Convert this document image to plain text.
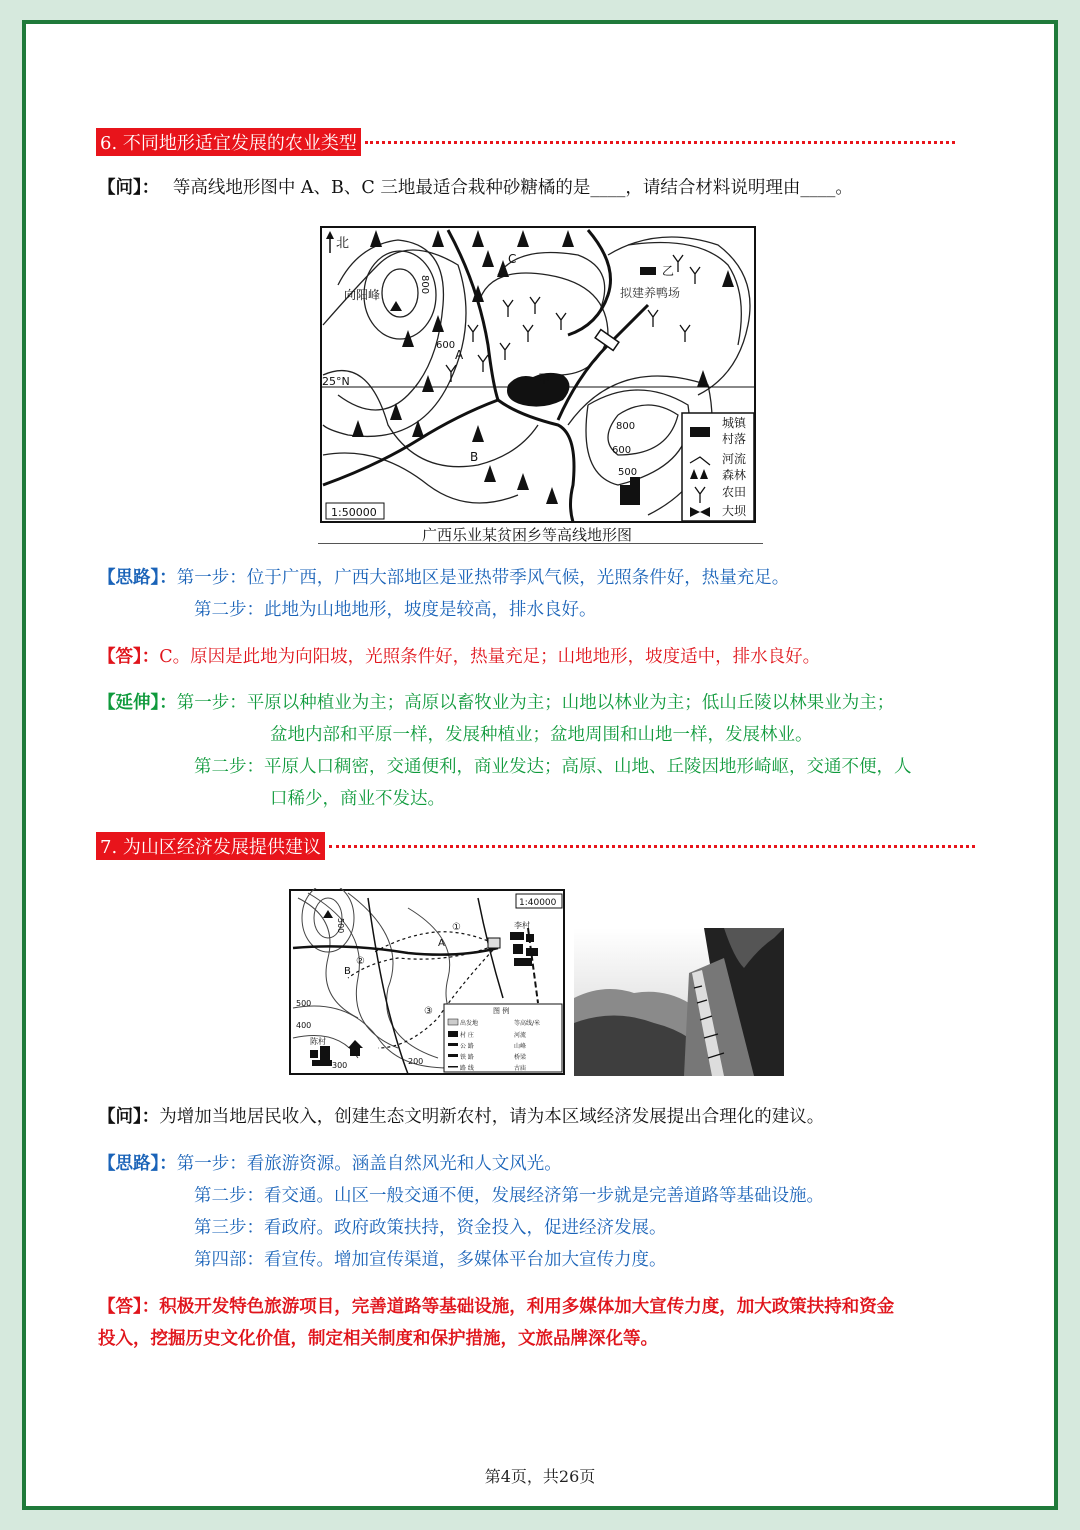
6. 不同地形适宜发展的农业类型
【问】： 等高线地形图中 A、B、C 三地最适合栽种砂糖橘的是____，请结合材料说明理由____。
北
甲
25°N
向阳峰
800
600
A
B
C
乙
拟建养鸭场
800
600
500
城镇
村落
河流
森林
农田
大坝
1:50000
广西乐业某贫困乡等高线地形图
【思路】：第一步：位于广西，广西大部地区是亚热带季风气候，光照条件好，热量充足。
第二步：此地为山地地形，坡度是较高，排水良好。
【答】：C。原因是此地为向阳坡，光照条件好，热量充足；山地地形，坡度适中，排水良好。
【延伸】：第一步：平原以种植业为主；高原以畜牧业为主；山地以林业为主；低山丘陵以林果业为主；
盆地内部和平原一样，发展种植业；盆地周围和山地一样，发展林业。
第二步：平原人口稠密，交通便利，商业发达；高原、山地、丘陵因地形崎岖，交通不便，人
口稀少，商业不发达。
7. 为山区经济发展提供建议
1:40000
李村
陈村
500
500
400
300	200
A
B
①
②
③	图 例
出发地	等高线/米
村 庄	河流
公 路	山峰
铁 路	桥梁
路 线	古庙
【问】：为增加当地居民收入，创建生态文明新农村，请为本区域经济发展提出合理化的建议。
【思路】：第一步：看旅游资源。涵盖自然风光和人文风光。
第二步：看交通。山区一般交通不便，发展经济第一步就是完善道路等基础设施。
第三步：看政府。政府政策扶持，资金投入，促进经济发展。
第四部：看宣传。增加宣传渠道，多媒体平台加大宣传力度。
【答】：积极开发特色旅游项目，完善道路等基础设施，利用多媒体加大宣传力度，加大政策扶持和资金
投入，挖掘历史文化价值，制定相关制度和保护措施，文旅品牌深化等。
第4页，共26页
